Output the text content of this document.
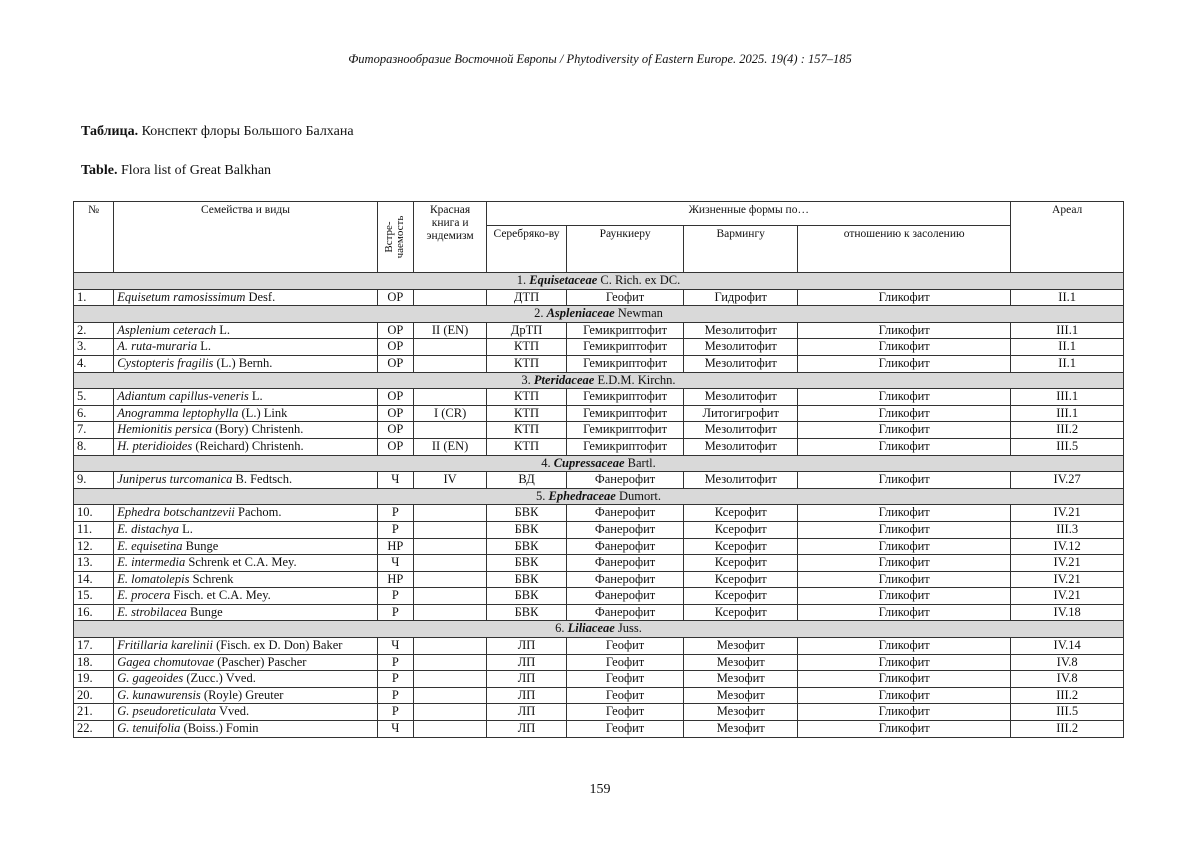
Фиторазнообразие Восточной Европы / Phytodiversity of Eastern Europe. 2025. 19(4) : 157–185
Таблица. Конспект флоры Большого Балхана
Table. Flora list of Great Balkhan
№	Семейства и виды	
Встре-
чаемость
	Красная книга и эндемизм	Жизненные формы по…	Ареал
Серебряко-ву	Раункиеру	Вармингу	отношению к засолению
1. Equisetaceae C. Rich. ex DC.
1.	Equisetum ramosissimum Desf.	OP		ДТП	Геофит	Гидрофит	Гликофит	II.1
2. Aspleniaceae Newman
2.	Asplenium ceterach L.	OP	II (EN)	ДрТП	Гемикриптофит	Мезолитофит	Гликофит	III.1
3.	A. ruta-muraria L.	OP		КТП	Гемикриптофит	Мезолитофит	Гликофит	II.1
4.	Cystopteris fragilis (L.) Bernh.	OP		КТП	Гемикриптофит	Мезолитофит	Гликофит	II.1
3. Pteridaceae E.D.M. Kirchn.
5.	Adiantum capillus-veneris L.	OP		КТП	Гемикриптофит	Мезолитофит	Гликофит	III.1
6.	Anogramma leptophylla (L.) Link	OP	I (CR)	КТП	Гемикриптофит	Литогигрофит	Гликофит	III.1
7.	Hemionitis persica (Bory) Christenh.	OP		КТП	Гемикриптофит	Мезолитофит	Гликофит	III.2
8.	H. pteridioides (Reichard) Christenh.	OP	II (EN)	КТП	Гемикриптофит	Мезолитофит	Гликофит	III.5
4. Cupressaceae Bartl.
9.	Juniperus turcomanica B. Fedtsch.	Ч	IV	ВД	Фанерофит	Мезолитофит	Гликофит	IV.27
5. Ephedraceae Dumort.
10.	Ephedra botschantzevii Pachom.	P		БВК	Фанерофит	Ксерофит	Гликофит	IV.21
11.	E. distachya L.	P		БВК	Фанерофит	Ксерофит	Гликофит	III.3
12.	E. equisetina Bunge	HP		БВК	Фанерофит	Ксерофит	Гликофит	IV.12
13.	E. intermedia Schrenk et C.A. Mey.	Ч		БВК	Фанерофит	Ксерофит	Гликофит	IV.21
14.	E. lomatolepis Schrenk	HP		БВК	Фанерофит	Ксерофит	Гликофит	IV.21
15.	E. procera Fisch. et C.A. Mey.	P		БВК	Фанерофит	Ксерофит	Гликофит	IV.21
16.	E. strobilacea Bunge	P		БВК	Фанерофит	Ксерофит	Гликофит	IV.18
6. Liliaceae Juss.
17.	Fritillaria karelinii (Fisch. ex D. Don) Baker	Ч		ЛП	Геофит	Мезофит	Гликофит	IV.14
18.	Gagea chomutovae (Pascher) Pascher	P		ЛП	Геофит	Мезофит	Гликофит	IV.8
19.	G. gageoides (Zucc.) Vved.	P		ЛП	Геофит	Мезофит	Гликофит	IV.8
20.	G. kunawurensis (Royle) Greuter	P		ЛП	Геофит	Мезофит	Гликофит	III.2
21.	G. pseudoreticulata Vved.	P		ЛП	Геофит	Мезофит	Гликофит	III.5
22.	G. tenuifolia (Boiss.) Fomin	Ч		ЛП	Геофит	Мезофит	Гликофит	III.2
159
